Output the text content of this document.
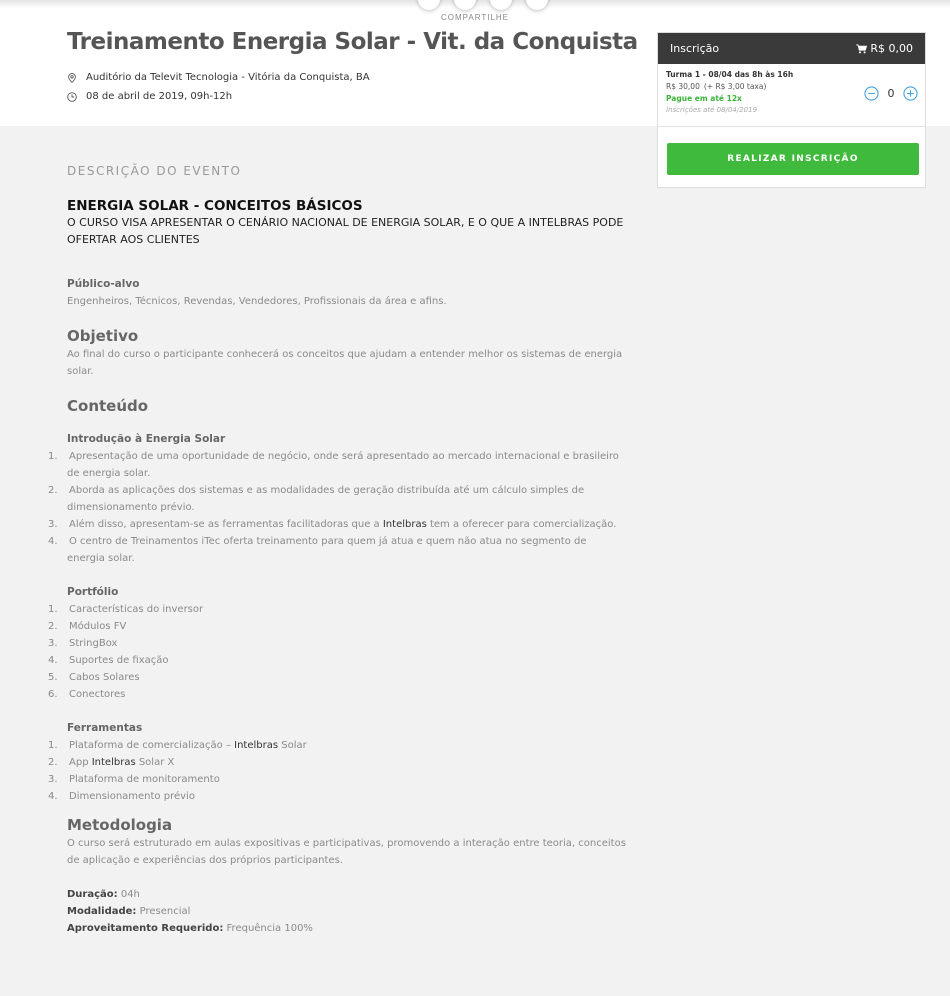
COMPARTILHE
Treinamento Energia Solar - Vit. da Conquista
Auditório da Televit Tecnologia - Vitória da Conquista, BA
08 de abril de 2019, 09h-12h
Inscrição	R$ 0,00
Turma 1 - 08/04 das 8h às 16h
R$ 30,00 (+ R$ 3,00 taxa)
Pague em até 12x
Inscrições até 08/04/2019
0
REALIZAR INSCRIÇÃO
DESCRIÇÃO DO EVENTO
ENERGIA SOLAR - CONCEITOS BÁSICOS

O CURSO VISA APRESENTAR O CENÁRIO NACIONAL DE ENERGIA SOLAR, E O QUE A INTELBRAS PODE OFERTAR AOS CLIENTES

Público-alvo

Engenheiros, Técnicos, Revendas, Vendedores, Profissionais da área e afins.

Objetivo

Ao final do curso o participante conhecerá os conceitos que ajudam a entender melhor os sistemas de energia solar.

Conteúdo
Introdução à Energia Solar
1. Apresentação de uma oportunidade de negócio, onde será apresentado ao mercado internacional e brasileiro de energia solar.
2. Aborda as aplicações dos sistemas e as modalidades de geração distribuída até um cálculo simples de dimensionamento prévio.
3. Além disso, apresentam-se as ferramentas facilitadoras que a Intelbras tem a oferecer para comercialização.
4. O centro de Treinamentos iTec oferta treinamento para quem já atua e quem não atua no segmento de energia solar.
Portfólio
1. Características do inversor
2. Módulos FV
3. StringBox
4. Suportes de fixação
5. Cabos Solares
6. Conectores
Ferramentas
1. Plataforma de comercialização – Intelbras Solar
2. App Intelbras Solar X
3. Plataforma de monitoramento
4. Dimensionamento prévio
Metodologia

O curso será estruturado em aulas expositivas e participativas, promovendo a interação entre teoria, conceitos de aplicação e experiências dos próprios participantes.

Duração: 04h
Modalidade: Presencial
Aproveitamento Requerido: Frequência 100%
